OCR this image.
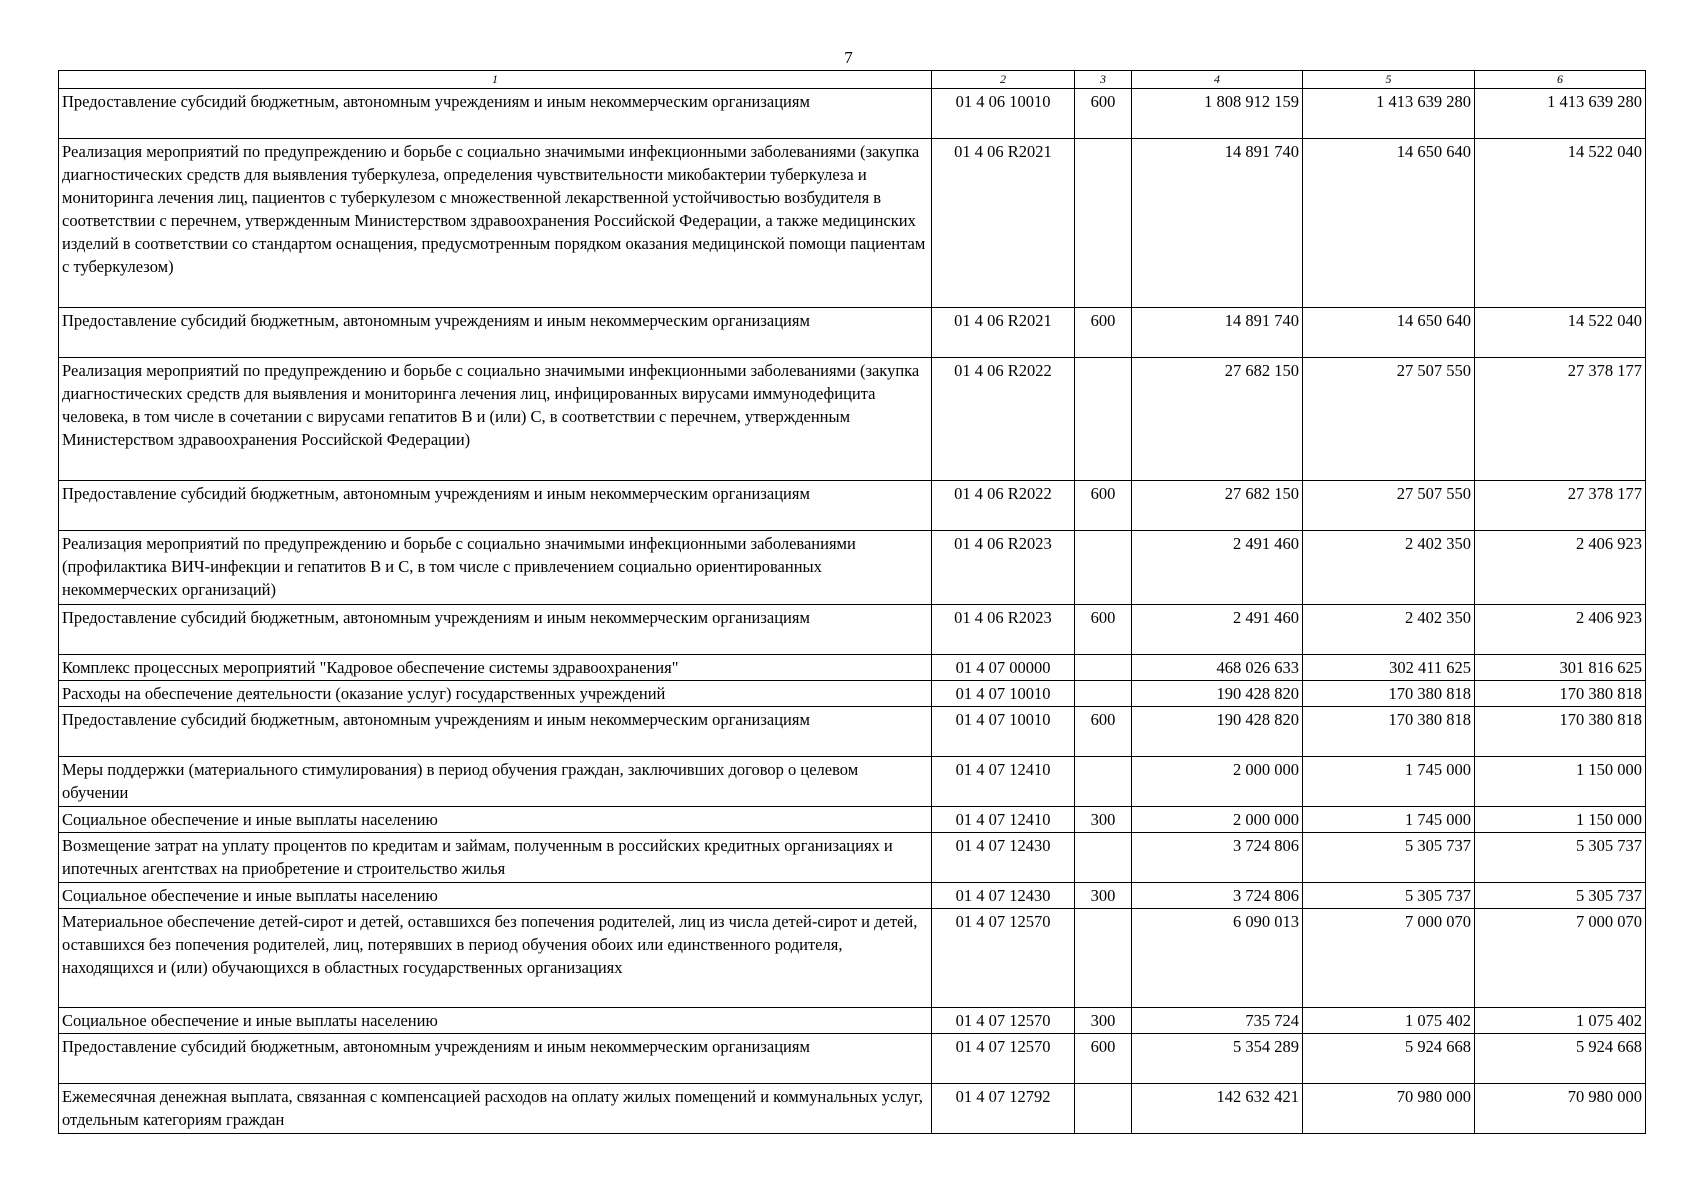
7
1	2	3	4	5	6
Предоставление субсидий бюджетным, автономным учреждениям и иным некоммерческим организациям	01 4 06 10010	600	1 808 912 159	1 413 639 280	1 413 639 280
Реализация мероприятий по предупреждению и борьбе с социально значимыми инфекционными заболеваниями (закупка диагностических средств для выявления туберкулеза, определения чувствительности микобактерии туберкулеза и мониторинга лечения лиц, пациентов с туберкулезом с множественной лекарственной устойчивостью возбудителя в соответствии с перечнем, утвержденным Министерством здравоохранения Российской Федерации, а также медицинских изделий в соответствии со стандартом оснащения, предусмотренным порядком оказания медицинской помощи пациентам с туберкулезом)	01 4 06 R2021		14 891 740	14 650 640	14 522 040
Предоставление субсидий бюджетным, автономным учреждениям и иным некоммерческим организациям	01 4 06 R2021	600	14 891 740	14 650 640	14 522 040
Реализация мероприятий по предупреждению и борьбе с социально значимыми инфекционными заболеваниями (закупка диагностических средств для выявления и мониторинга лечения лиц, инфицированных вирусами иммунодефицита человека, в том числе в сочетании с вирусами гепатитов B и (или) C, в соответствии с перечнем, утвержденным Министерством здравоохранения Российской Федерации)	01 4 06 R2022		27 682 150	27 507 550	27 378 177
Предоставление субсидий бюджетным, автономным учреждениям и иным некоммерческим организациям	01 4 06 R2022	600	27 682 150	27 507 550	27 378 177
Реализация мероприятий по предупреждению и борьбе с социально значимыми инфекционными заболеваниями (профилактика ВИЧ-инфекции и гепатитов B и C, в том числе с привлечением социально ориентированных некоммерческих организаций)	01 4 06 R2023		2 491 460	2 402 350	2 406 923
Предоставление субсидий бюджетным, автономным учреждениям и иным некоммерческим организациям	01 4 06 R2023	600	2 491 460	2 402 350	2 406 923
Комплекс процессных мероприятий "Кадровое обеспечение системы здравоохранения"	01 4 07 00000		468 026 633	302 411 625	301 816 625
Расходы на обеспечение деятельности (оказание услуг) государственных учреждений	01 4 07 10010		190 428 820	170 380 818	170 380 818
Предоставление субсидий бюджетным, автономным учреждениям и иным некоммерческим организациям	01 4 07 10010	600	190 428 820	170 380 818	170 380 818
Меры поддержки (материального стимулирования) в период обучения граждан, заключивших договор о целевом обучении	01 4 07 12410		2 000 000	1 745 000	1 150 000
Социальное обеспечение и иные выплаты населению	01 4 07 12410	300	2 000 000	1 745 000	1 150 000
Возмещение затрат на уплату процентов по кредитам и займам, полученным в российских кредитных организациях и ипотечных агентствах на приобретение и строительство жилья	01 4 07 12430		3 724 806	5 305 737	5 305 737
Социальное обеспечение и иные выплаты населению	01 4 07 12430	300	3 724 806	5 305 737	5 305 737
Материальное обеспечение детей-сирот и детей, оставшихся без попечения родителей, лиц из числа детей-сирот и детей, оставшихся без попечения родителей, лиц, потерявших в период обучения обоих или единственного родителя, находящихся и (или) обучающихся в областных государственных организациях	01 4 07 12570		6 090 013	7 000 070	7 000 070
Социальное обеспечение и иные выплаты населению	01 4 07 12570	300	735 724	1 075 402	1 075 402
Предоставление субсидий бюджетным, автономным учреждениям и иным некоммерческим организациям	01 4 07 12570	600	5 354 289	5 924 668	5 924 668
Ежемесячная денежная выплата, связанная с компенсацией расходов на оплату жилых помещений и коммунальных услуг, отдельным категориям граждан	01 4 07 12792		142 632 421	70 980 000	70 980 000
